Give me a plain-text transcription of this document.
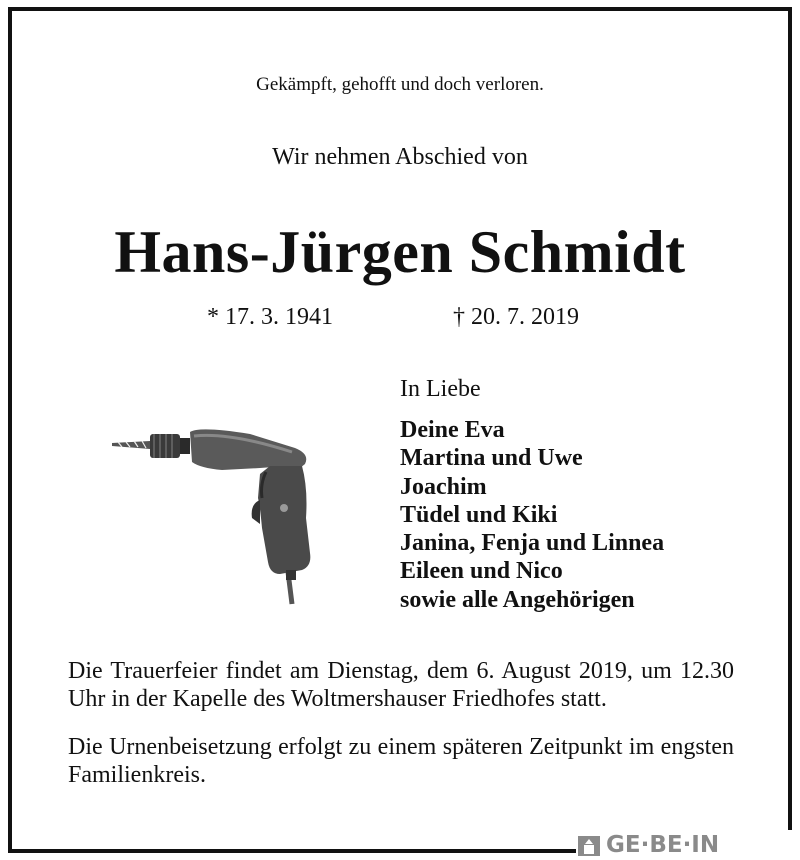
Gekämpft, gehofft und doch verloren.
Wir nehmen Abschied von
Hans-Jürgen Schmidt
* 17. 3. 1941	† 20. 7. 2019
In Liebe
Deine Eva
Martina und Uwe
Joachim
Tüdel und Kiki
Janina, Fenja und Linnea
Eileen und Nico
sowie alle Angehörigen

Die Trauerfeier findet am Dienstag, dem 6. August 2019, um 12.30 Uhr in der Kapelle des Woltmershauser Friedhofes statt.

Die Urnenbeisetzung erfolgt zu einem späteren Zeitpunkt im engsten Familienkreis.

GE·BE·IN
